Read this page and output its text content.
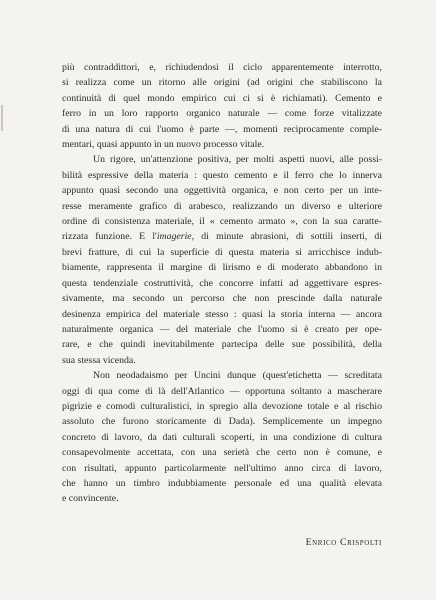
più contraddittori, e, richiudendosi il ciclo apparentemente interrotto,
si realizza come un ritorno alle origini (ad origini che stabiliscono la
continuità di quel mondo empirico cui ci si è richiamati). Cemento e
ferro in un loro rapporto organico naturale — come forze vitalizzate
di una natura di cui l'uomo è parte —, momenti reciprocamente comple-
mentari, quasi appunto in un nuovo processo vitale.

Un rigore, un'attenzione positiva, per molti aspetti nuovi, alle possi-
bilità espressive della materia : questo cemento e il ferro che lo innerva
appunto quasi secondo una oggettività organica, e non certo per un inte-
resse meramente grafico di arabesco, realizzando un diverso e ulteriore
ordine di consistenza materiale, il « cemento armato », con la sua caratte-
rizzata funzione. E l'imagerie, di minute abrasioni, di sottili inserti, di
brevi fratture, di cui la superficie di questa materia si arricchisce indub-
biamente, rappresenta il margine di lirismo e di moderato abbandono in
questa tendenziale costruttività, che concorre infatti ad aggettivare espres-
sivamente, ma secondo un percorso che non prescinde dalla naturale
desinenza empirica del materiale stesso : quasi la storia interna — ancora
naturalmente organica — del materiale che l'uomo si è creato per ope-
rare, e che quindi inevitabilmente partecipa delle sue possibilità, della
sua stessa vicenda.

Non neodadaismo per Uncini dunque (quest'etichetta — screditata
oggi di qua come di là dell'Atlantico — opportuna soltanto a mascherare
pigrizie e comodi culturalistici, in spregio alla devozione totale e al rischio
assoluto che furono storicamente di Dada). Semplicemente un impegno
concreto di lavoro, da dati culturali scoperti, in una condizione di cultura
consapevolmente accettata, con una serietà che certo non è comune, e
con risultati, appunto particolarmente nell'ultimo anno circa di lavoro,
che hanno un timbro indubbiamente personale ed una qualità elevata
e convincente.

Enrico Crispolti
